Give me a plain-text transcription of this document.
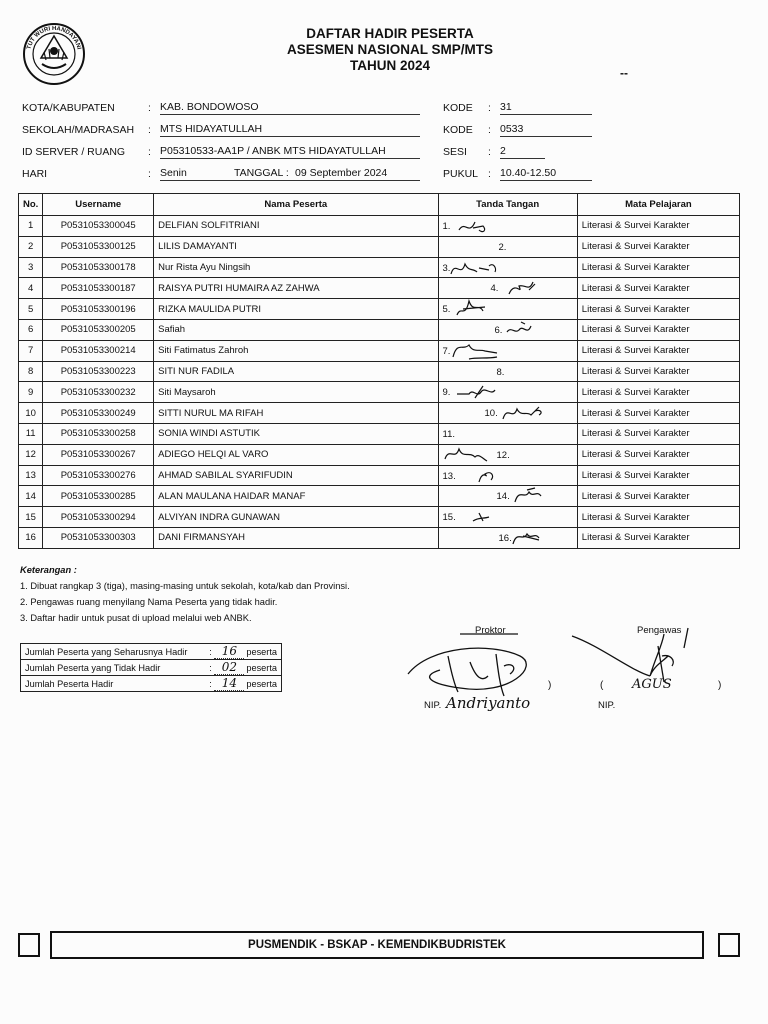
TUT WURI HANDAYANI
DAFTAR HADIR PESERTA
ASESMEN NASIONAL SMP/MTS
TAHUN 2024	--
KOTA/KABUPATEN	: KAB. BONDOWOSO
SEKOLAH/MADRASAH : MTS HIDAYATULLAH
ID SERVER / RUANG : P05310533-AA1P / ANBK MTS HIDAYATULLAH
HARI	: Senin	TANGGAL : 09 September 2024
KODE : 31
KODE : 0533
SESI : 2
PUKUL : 10.40-12.50
No.	Username	Nama Peserta	Tanda Tangan	Mata Pelajaran
1	P0531053300045	DELFIAN SOLFITRIANI	1.	Literasi & Survei Karakter
2	P0531053300125	LILIS DAMAYANTI	2.	Literasi & Survei Karakter
3	P0531053300178	Nur Rista Ayu Ningsih	3.	Literasi & Survei Karakter
4	P0531053300187	RAISYA PUTRI HUMAIRA AZ ZAHWA	4.	Literasi & Survei Karakter
5	P0531053300196	RIZKA MAULIDA PUTRI	5.	Literasi & Survei Karakter
6	P0531053300205	Safiah	6.	Literasi & Survei Karakter
7	P0531053300214	Siti Fatimatus Zahroh	7.	Literasi & Survei Karakter
8	P0531053300223	SITI NUR FADILA	8.	Literasi & Survei Karakter
9	P0531053300232	Siti Maysaroh	9.	Literasi & Survei Karakter
10	P0531053300249	SITTI NURUL MA RIFAH	10.	Literasi & Survei Karakter
11	P0531053300258	SONIA WINDI ASTUTIK	11.	Literasi & Survei Karakter
12	P0531053300267	ADIEGO HELQI AL VARO	12.	Literasi & Survei Karakter
13	P0531053300276	AHMAD SABILAL SYARIFUDIN	13.	Literasi & Survei Karakter
14	P0531053300285	ALAN MAULANA HAIDAR MANAF	14.	Literasi & Survei Karakter
15	P0531053300294	ALVIYAN INDRA GUNAWAN	15.	Literasi & Survei Karakter
16	P0531053300303	DANI FIRMANSYAH	16.	Literasi & Survei Karakter
Keterangan :
1. Dibuat rangkap 3 (tiga), masing-masing untuk sekolah, kota/kab dan Provinsi.
2. Pengawas ruang menyilang Nama Peserta yang tidak hadir.
3. Daftar hadir untuk pusat di upload melalui web ANBK.
Jumlah Peserta yang Seharusnya Hadir	: 16 peserta
Jumlah Peserta yang Tidak Hadir	: 02 peserta
Jumlah Peserta Hadir	: 14 peserta
Proktor	Pengawas
)	( AGUS	)
NIP. Andriyanto	NIP.
PUSMENDIK - BSKAP - KEMENDIKBUDRISTEK
